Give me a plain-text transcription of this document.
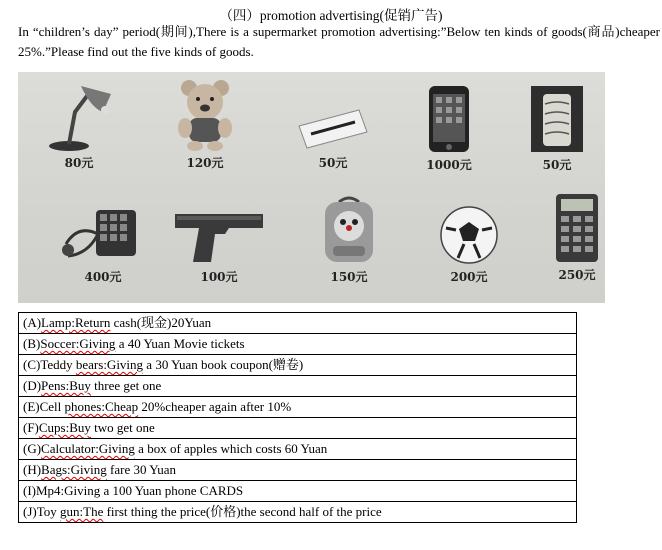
（四）promotion advertising(促销广告)
In “children’s day” period(期间),There is a supermarket promotion advertising:”Below ten kinds of goods(商品)cheaper 25%.”Please find out the five kinds of goods.
80元	120元	50元	1000元	50元
400元	100元	150元	200元	250元
(A)Lamp:Return cash(现金)20Yuan
(B)Soccer:Giving a 40 Yuan Movie tickets
(C)Teddy bears:Giving a 30 Yuan book coupon(赠卷)
(D)Pens:Buy three get one
(E)Cell phones:Cheap 20%cheaper again after 10%
(F)Cups:Buy two get one
(G)Calculator:Giving a box of apples which costs 60 Yuan
(H)Bags:Giving fare 30 Yuan
(I)Mp4:Giving a 100 Yuan phone CARDS
(J)Toy gun:The first thing the price(价格)the second half of the price
